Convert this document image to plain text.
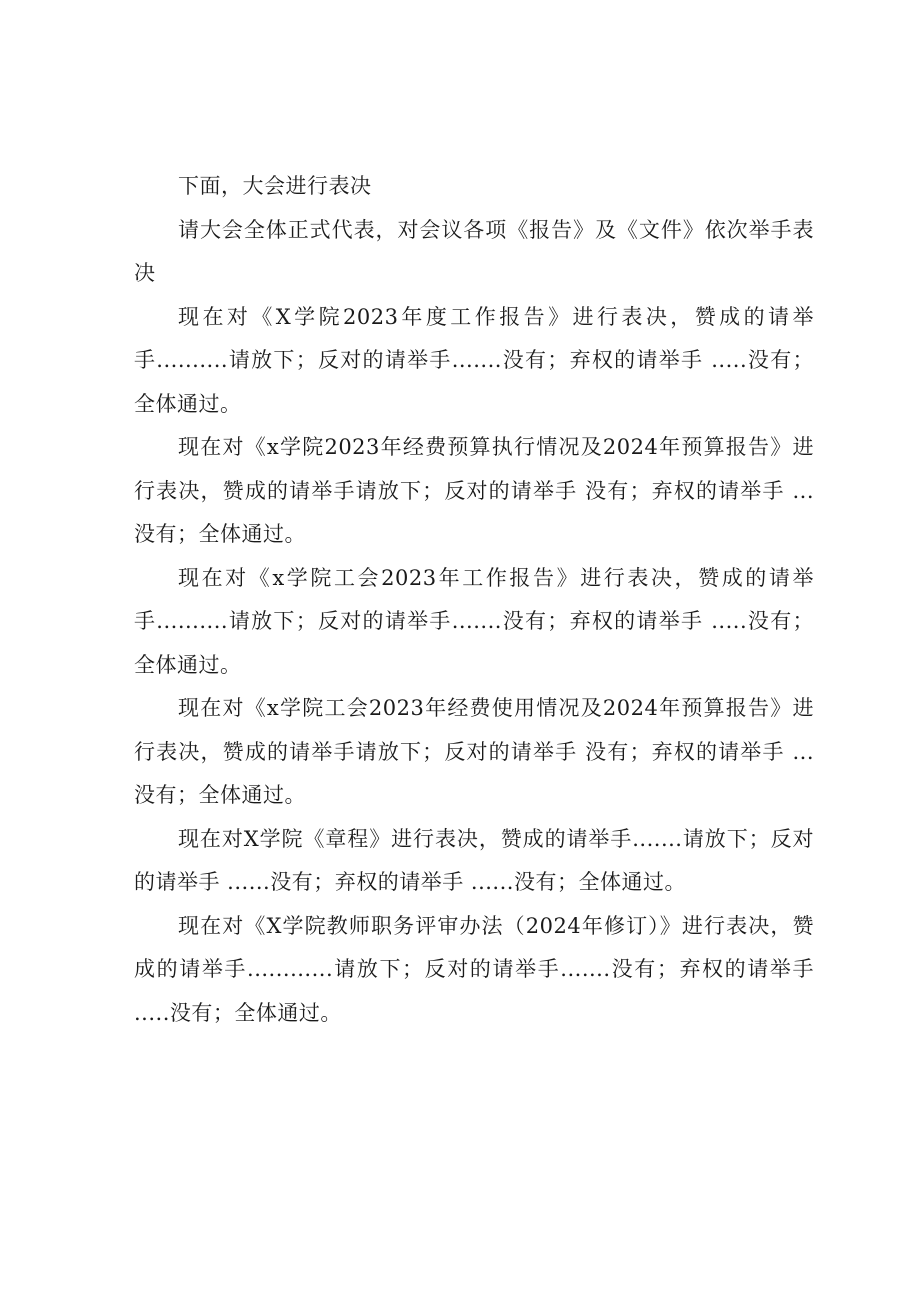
下面，大会进行表决

请大会全体正式代表，对会议各项《报告》及《文件》依次举手表决

现在对《X学院2023年度工作报告》进行表决，赞成的请举手..........请放下；反对的请举手.......没有；弃权的请举手 .....没有；全体通过。

现在对《x学院2023年经费预算执行情况及2024年预算报告》进行表决，赞成的请举手请放下；反对的请举手 没有；弃权的请举手 ...没有；全体通过。

现在对《x学院工会2023年工作报告》进行表决，赞成的请举手..........请放下；反对的请举手.......没有；弃权的请举手 .....没有；全体通过。

现在对《x学院工会2023年经费使用情况及2024年预算报告》进行表决，赞成的请举手请放下；反对的请举手 没有；弃权的请举手 ...没有；全体通过。

现在对X学院《章程》进行表决，赞成的请举手.......请放下；反对的请举手 ......没有；弃权的请举手 ......没有；全体通过。

现在对《X学院教师职务评审办法（2024年修订）》进行表决，赞成的请举手............请放下；反对的请举手.......没有；弃权的请举手 .....没有；全体通过。
